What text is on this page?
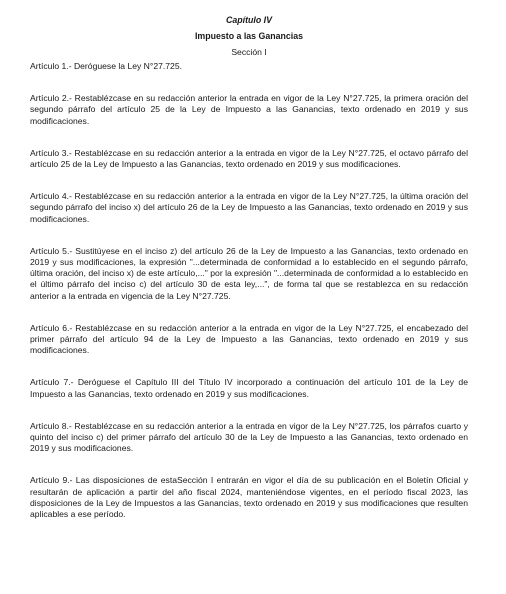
Capítulo IV
Impuesto a las Ganancias
Sección I

Artículo 1.- Deróguese la Ley N°27.725.

Artículo 2.- Restablézcase en su redacción anterior la entrada en vigor de la Ley N°27.725, la primera oración del segundo párrafo del artículo 25 de la Ley de Impuesto a las Ganancias, texto ordenado en 2019 y sus modificaciones.

Artículo 3.- Restablézcase en su redacción anterior a la entrada en vigor de la Ley N°27.725, el octavo párrafo del artículo 25 de la Ley de Impuesto a las Ganancias, texto ordenado en 2019 y sus modificaciones.

Artículo 4.- Restablézcase en su redacción anterior a la entrada en vigor de la Ley N°27.725, la última oración del segundo párrafo del inciso x) del artículo 26 de la Ley de Impuesto a las Ganancias, texto ordenado en 2019 y sus modificaciones.

Artículo 5.- Sustitúyese en el inciso z) del artículo 26 de la Ley de Impuesto a las Ganancias, texto ordenado en 2019 y sus modificaciones, la expresión "...determinada de conformidad a lo establecido en el segundo párrafo, última oración, del inciso x) de este artículo,..." por la expresión "...determinada de conformidad a lo establecido en el último párrafo del inciso c) del artículo 30 de esta ley,...", de forma tal que se restablezca en su redacción anterior a la entrada en vigencia de la Ley N°27.725.

Artículo 6.- Restablézcase en su redacción anterior a la entrada en vigor de la Ley N°27.725, el encabezado del primer párrafo del artículo 94 de la Ley de Impuesto a las Ganancias, texto ordenado en 2019 y sus modificaciones.

Artículo 7.- Deróguese el Capítulo III del Título IV incorporado a continuación del artículo 101 de la Ley de Impuesto a las Ganancias, texto ordenado en 2019 y sus modificaciones.

Artículo 8.- Restablézcase en su redacción anterior a la entrada en vigor de la Ley N°27.725, los párrafos cuarto y quinto del inciso c) del primer párrafo del artículo 30 de la Ley de Impuesto a las Ganancias, texto ordenado en 2019 y sus modificaciones.

Artículo 9.- Las disposiciones de estaSección I entrarán en vigor el día de su publicación en el Boletín Oficial y resultarán de aplicación a partir del año fiscal 2024, manteniéndose vigentes, en el período fiscal 2023, las disposiciones de la Ley de Impuestos a las Ganancias, texto ordenado en 2019 y sus modificaciones que resulten aplicables a ese período.
